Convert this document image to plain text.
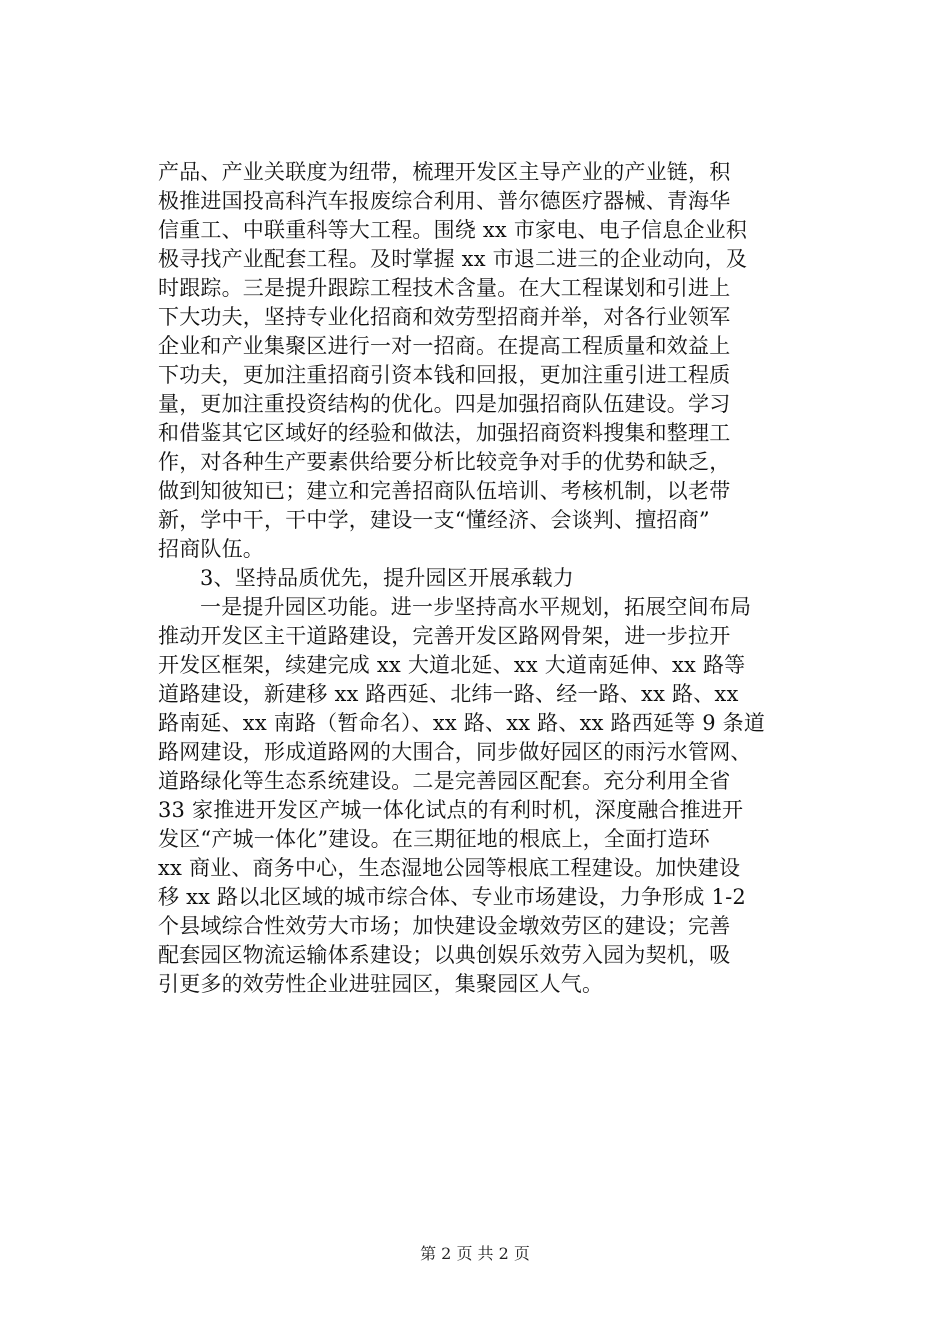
产品、产业关联度为纽带，梳理开发区主导产业的产业链，积
极推进国投高科汽车报废综合利用、普尔德医疗器械、青海华
信重工、中联重科等大工程。围绕 xx 市家电、电子信息企业积
极寻找产业配套工程。及时掌握 xx 市退二进三的企业动向，及
时跟踪。三是提升跟踪工程技术含量。在大工程谋划和引进上
下大功夫，坚持专业化招商和效劳型招商并举，对各行业领军
企业和产业集聚区进行一对一招商。在提高工程质量和效益上
下功夫，更加注重招商引资本钱和回报，更加注重引进工程质
量，更加注重投资结构的优化。四是加强招商队伍建设。学习
和借鉴其它区域好的经验和做法，加强招商资料搜集和整理工
作，对各种生产要素供给要分析比较竞争对手的优势和缺乏，
做到知彼知已；建立和完善招商队伍培训、考核机制，以老带
新，学中干，干中学，建设一支“懂经济、会谈判、擅招商”
招商队伍。
3、坚持品质优先，提升园区开展承载力
一是提升园区功能。进一步坚持高水平规划，拓展空间布局
推动开发区主干道路建设，完善开发区路网骨架，进一步拉开
开发区框架，续建完成 xx 大道北延、xx 大道南延伸、xx 路等
道路建设，新建移 xx 路西延、北纬一路、经一路、xx 路、xx
路南延、xx 南路（暂命名）、xx 路、xx 路、xx 路西延等 9 条道
路网建设，形成道路网的大围合，同步做好园区的雨污水管网、
道路绿化等生态系统建设。二是完善园区配套。充分利用全省
33 家推进开发区产城一体化试点的有利时机，深度融合推进开
发区“产城一体化”建设。在三期征地的根底上，全面打造环
xx 商业、商务中心，生态湿地公园等根底工程建设。加快建设
移 xx 路以北区域的城市综合体、专业市场建设，力争形成 1-2
个县域综合性效劳大市场；加快建设金墩效劳区的建设；完善
配套园区物流运输体系建设；以典创娱乐效劳入园为契机，吸
引更多的效劳性企业进驻园区，集聚园区人气。
第 2 页 共 2 页
